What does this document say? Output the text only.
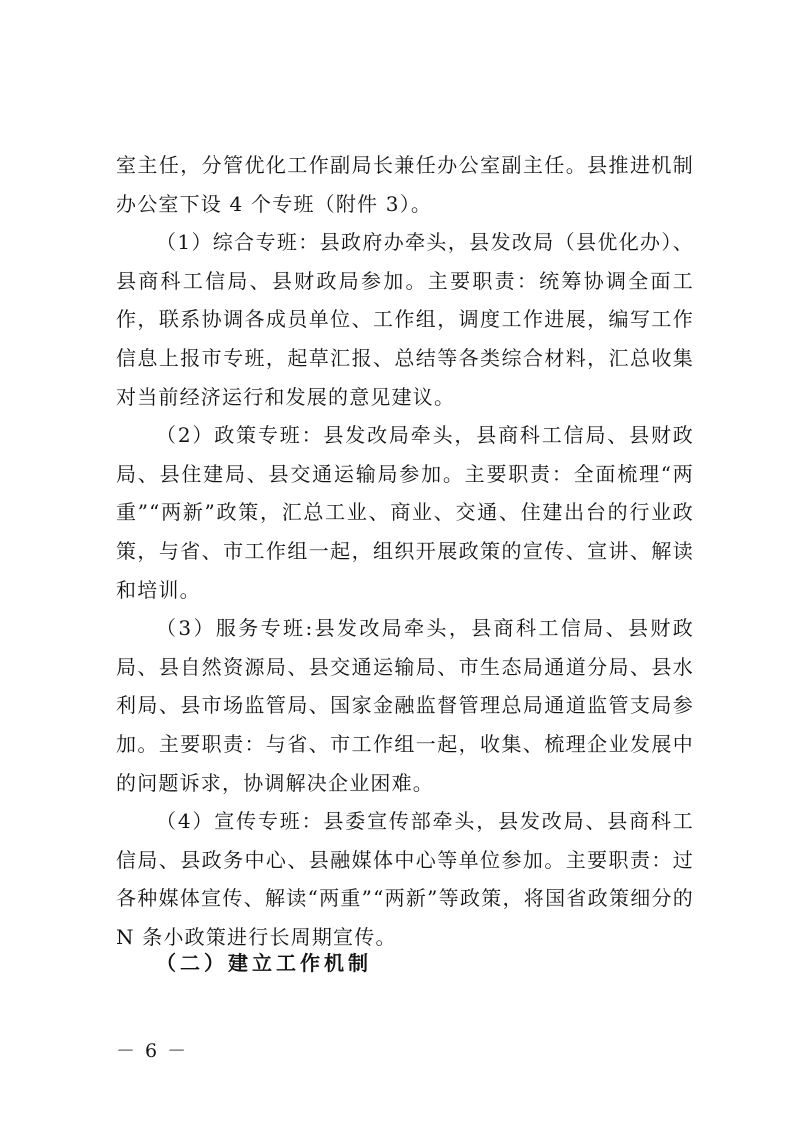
室主任，分管优化工作副局长兼任办公室副主任。县推进机制办公室下设 4 个专班（附件 3）。

（1）综合专班：县政府办牵头，县发改局（县优化办）、县商科工信局、县财政局参加。主要职责：统筹协调全面工作，联系协调各成员单位、工作组，调度工作进展，编写工作信息上报市专班，起草汇报、总结等各类综合材料，汇总收集对当前经济运行和发展的意见建议。

（2）政策专班：县发改局牵头，县商科工信局、县财政局、县住建局、县交通运输局参加。主要职责：全面梳理“两重”“两新”政策，汇总工业、商业、交通、住建出台的行业政策，与省、市工作组一起，组织开展政策的宣传、宣讲、解读和培训。

（3）服务专班:县发改局牵头，县商科工信局、县财政局、县自然资源局、县交通运输局、市生态局通道分局、县水利局、县市场监管局、国家金融监督管理总局通道监管支局参加。主要职责：与省、市工作组一起，收集、梳理企业发展中的问题诉求，协调解决企业困难。

（4）宣传专班：县委宣传部牵头，县发改局、县商科工信局、县政务中心、县融媒体中心等单位参加。主要职责：过各种媒体宣传、解读“两重”“两新”等政策，将国省政策细分的 N 条小政策进行长周期宣传。

（二）建立工作机制
－ 6 －
